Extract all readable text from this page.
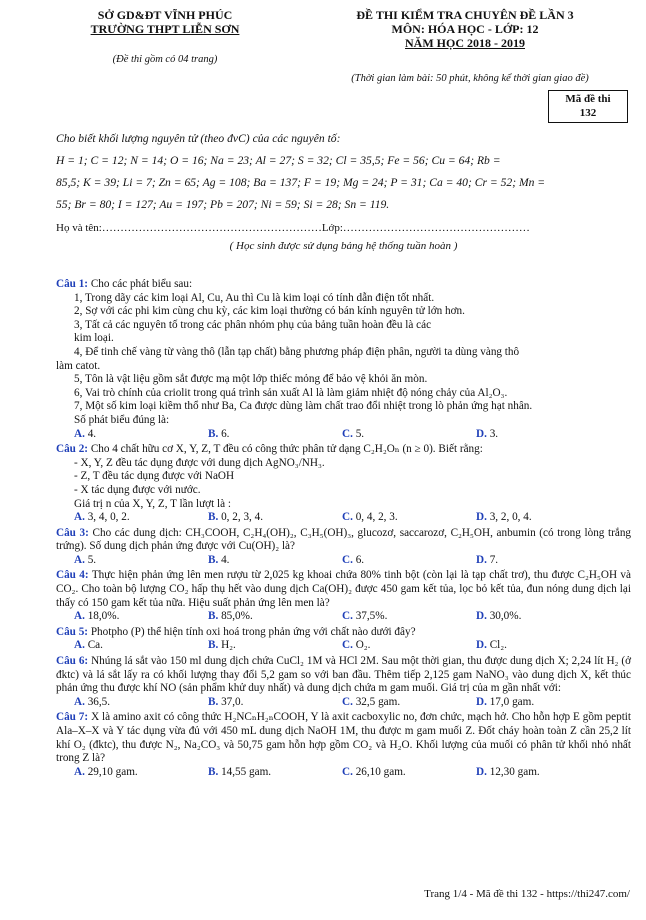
SỞ GD&ĐT VĨNH PHÚC
TRƯỜNG THPT LIỄN SƠN
(Đề thi gồm có 04 trang)
ĐỀ THI KIỂM TRA CHUYÊN ĐỀ LẦN 3
MÔN: HÓA HỌC - LỚP: 12
NĂM HỌC 2018 - 2019
(Thời gian làm bài: 50 phút, không kể thời gian giao đề)
Mã đề thi
132
Cho biết khối lượng nguyên tử (theo đvC) của các nguyên tố:
H = 1; C = 12; N = 14; O = 16; Na = 23; Al = 27; S = 32; Cl = 35,5; Fe = 56; Cu = 64; Rb =
85,5; K = 39; Li = 7; Zn = 65; Ag = 108; Ba = 137; F = 19; Mg = 24; P = 31; Ca = 40; Cr = 52; Mn =
55; Br = 80; I = 127; Au = 197; Pb = 207; Ni = 59; Si = 28; Sn = 119.
Họ và tên:……………………………………………………Lớp:……………………………………………
( Học sinh được sử dụng bảng hệ thống tuần hoàn )
Câu 1: Cho các phát biểu sau:
1, Trong dãy các kim loại Al, Cu, Au thì Cu là kim loại có tính dẫn điện tốt nhất.
2, Sợ với các phi kim cùng chu kỳ, các kim loại thường có bán kính nguyên tử lớn hơn.
3, Tất cả các nguyên tố trong các phân nhóm phụ của bảng tuần hoàn đều là các
kim loại.
4, Để tinh chế vàng từ vàng thô (lẫn tạp chất) bằng phương pháp điện phân, người ta dùng vàng thô
làm catot.
5, Tôn là vật liệu gồm sắt được mạ một lớp thiếc mỏng để bảo vệ khỏi ăn mòn.
6, Vai trò chính của criolit trong quá trình sản xuất Al là làm giảm nhiệt độ nóng chảy của Al₂O₃.
7, Một số kim loại kiềm thổ như Ba, Ca được dùng làm chất trao đổi nhiệt trong lò phản ứng hạt nhân.
Số phát biểu đúng là:
A. 4.	B. 6.	C. 5.	D. 3.
Câu 2: Cho 4 chất hữu cơ X, Y, Z, T đều có công thức phân tử dạng C₂H₂Oₙ (n ≥ 0). Biết rằng:
- X, Y, Z đều tác dụng được với dung dịch AgNO₃/NH₃.
- Z, T đều tác dụng được với NaOH
- X tác dụng được với nước.
Giá trị n của X, Y, Z, T lần lượt là :
A. 3, 4, 0, 2.	B. 0, 2, 3, 4.	C. 0, 4, 2, 3.	D. 3, 2, 0, 4.
Câu 3: Cho các dung dịch: CH₃COOH, C₂H₄(OH)₂, C₃H₅(OH)₃, glucozơ, saccarozơ, C₂H₅OH, anbumin (có trong lòng trắng trứng). Số dung dịch phản ứng được với Cu(OH)₂ là?
A. 5.	B. 4.	C. 6.	D. 7.
Câu 4: Thực hiện phản ứng lên men rượu từ 2,025 kg khoai chứa 80% tinh bột (còn lại là tạp chất trơ), thu được C₂H₅OH và CO₂. Cho toàn bộ lượng CO₂ hấp thụ hết vào dung dịch Ca(OH)₂ được 450 gam kết tủa, lọc bỏ kết tủa, đun nóng dung dịch lại thấy có 150 gam kết tủa nữa. Hiệu suất phản ứng lên men là?
A. 18,0%.	B. 85,0%.	C. 37,5%.	D. 30,0%.
Câu 5: Photpho (P) thể hiện tính oxi hoá trong phản ứng với chất nào dưới đây?
A. Ca.	B. H₂.	C. O₂.	D. Cl₂.
Câu 6: Nhúng lá sắt vào 150 ml dung dịch chứa CuCl₂ 1M và HCl 2M. Sau một thời gian, thu được dung dịch X; 2,24 lít H₂ (ở đktc) và lá sắt lấy ra có khối lượng thay đổi 5,2 gam so với ban đầu. Thêm tiếp 2,125 gam NaNO₃ vào dung dịch X, kết thúc phản ứng thu được khí NO (sản phẩm khử duy nhất) và dung dịch chứa m gam muối. Giá trị của m gần nhất với:
A. 36,5.	B. 37,0.	C. 32,5 gam.	D. 17,0 gam.
Câu 7: X là amino axit có công thức H₂NCₙH₂ₙCOOH, Y là axit cacboxylic no, đơn chức, mạch hở. Cho hỗn hợp E gồm peptit Ala–X–X và Y tác dụng vừa đủ với 450 mL dung dịch NaOH 1M, thu được m gam muối Z. Đốt cháy hoàn toàn Z cần 25,2 lít khí O₂ (đktc), thu được N₂, Na₂CO₃ và 50,75 gam hỗn hợp gồm CO₂ và H₂O. Khối lượng của muối có phân tử khối nhỏ nhất trong Z là?
A. 29,10 gam.	B. 14,55 gam.	C. 26,10 gam.	D. 12,30 gam.
Trang 1/4 - Mã đề thi 132 - https://thi247.com/
